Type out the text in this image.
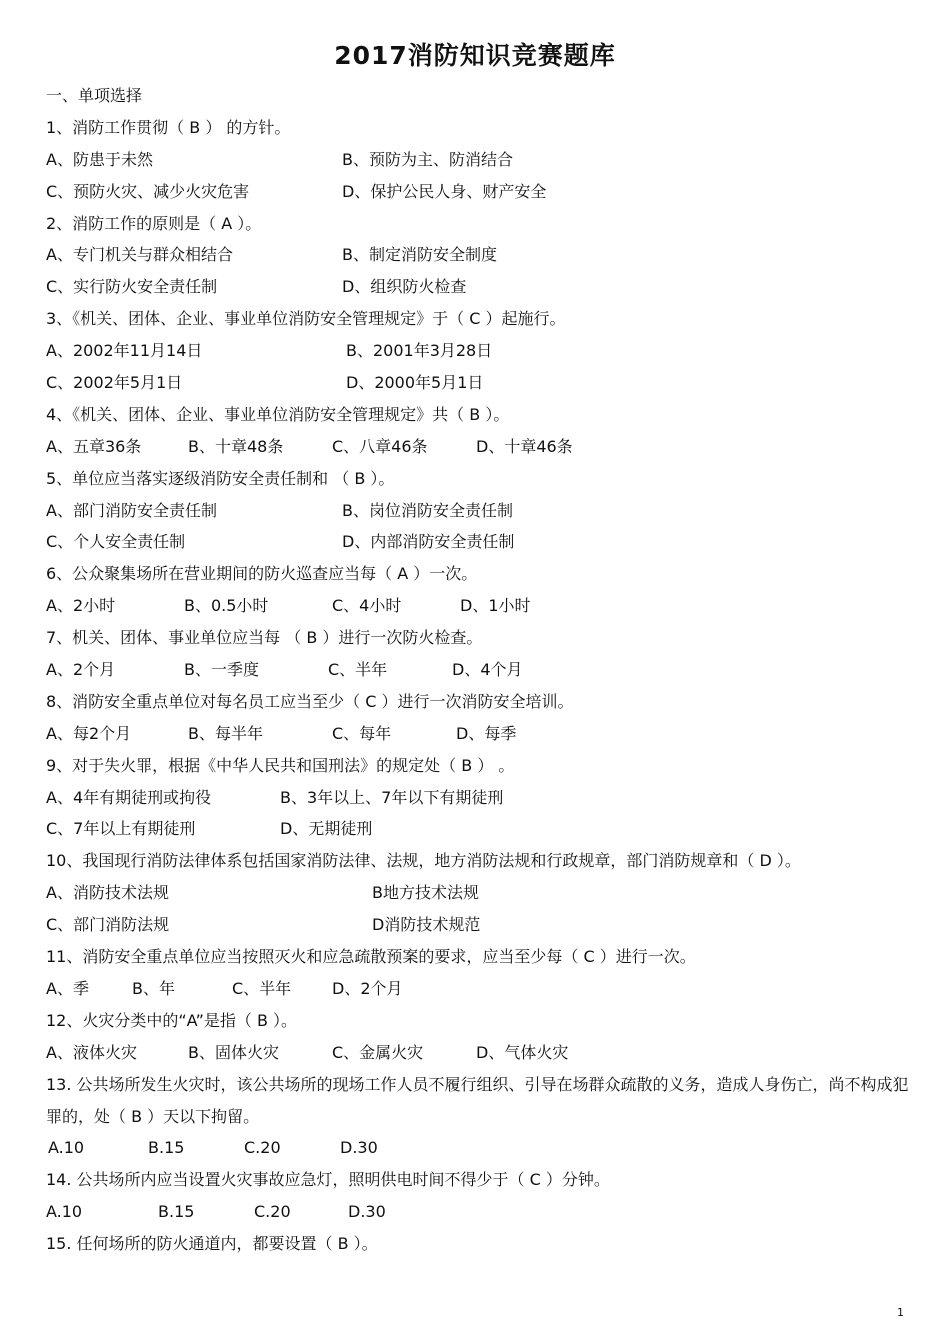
2017消防知识竞赛题库
一、单项选择
1、消防工作贯彻（ B ） 的方针。
A、防患于未然	B、预防为主、防消结合
C、预防火灾、减少火灾危害	D、保护公民人身、财产安全
2、消防工作的原则是（ A ）。
A、专门机关与群众相结合	B、制定消防安全制度
C、实行防火安全责任制	D、组织防火检查
3、《机关、团体、企业、事业单位消防安全管理规定》于（ C ）起施行。
A、2002年11月14日	B、2001年3月28日
C、2002年5月1日	D、2000年5月1日
4、《机关、团体、企业、事业单位消防安全管理规定》共（ B ）。
A、五章36条	B、十章48条	C、八章46条	D、十章46条
5、单位应当落实逐级消防安全责任制和 （ B ）。
A、部门消防安全责任制	B、岗位消防安全责任制
C、个人安全责任制	D、内部消防安全责任制
6、公众聚集场所在营业期间的防火巡查应当每（ A ）一次。
A、2小时	B、0.5小时	C、4小时	D、1小时
7、机关、团体、事业单位应当每 （ B ）进行一次防火检查。
A、2个月	B、一季度	C、半年	D、4个月
8、消防安全重点单位对每名员工应当至少（ C ）进行一次消防安全培训。
A、每2个月	B、每半年	C、每年	D、每季
9、对于失火罪，根据《中华人民共和国刑法》的规定处（ B ） 。
A、4年有期徒刑或拘役	B、3年以上、7年以下有期徒刑
C、7年以上有期徒刑	D、无期徒刑
10、我国现行消防法律体系包括国家消防法律、法规，地方消防法规和行政规章，部门消防规章和（ D ）。
A、消防技术法规	B地方技术法规
C、部门消防法规	D消防技术规范
11、消防安全重点单位应当按照灭火和应急疏散预案的要求，应当至少每（ C ）进行一次。
A、季	B、年	C、半年	D、2个月
12、火灾分类中的“A”是指（ B ）。
A、液体火灾	B、固体火灾	C、金属火灾	D、气体火灾
13. 公共场所发生火灾时，该公共场所的现场工作人员不履行组织、引导在场群众疏散的义务，造成人身伤亡，尚不构成犯罪的，处（ B ）天以下拘留。
A.10	B.15	C.20	D.30
14. 公共场所内应当设置火灾事故应急灯，照明供电时间不得少于（ C ）分钟。
A.10	B.15	C.20	D.30
15. 任何场所的防火通道内，都要设置（ B ）。
1
